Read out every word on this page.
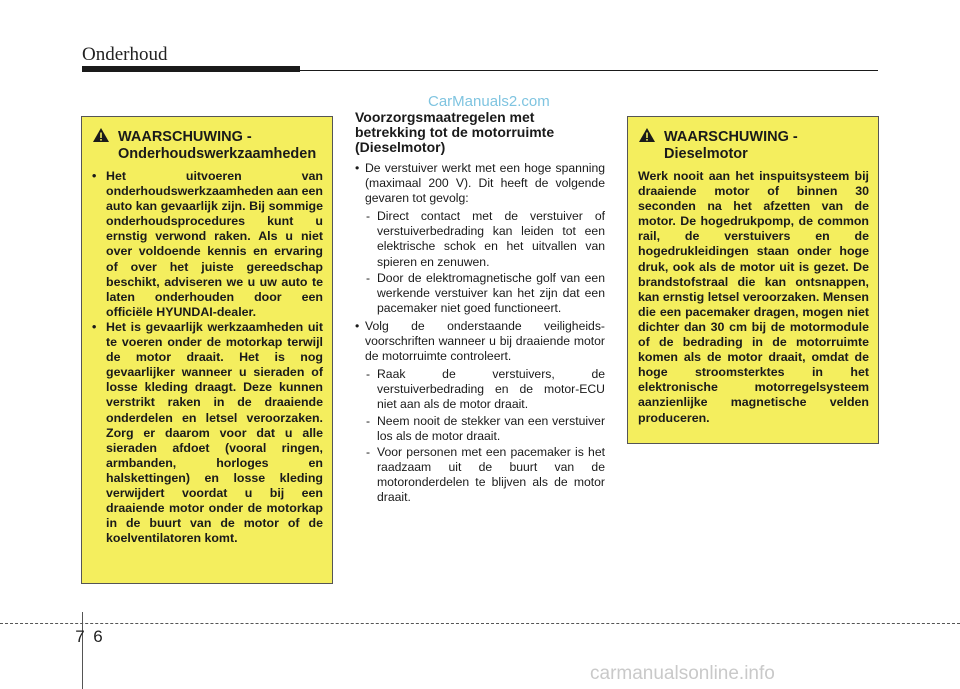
Onderhoud
CarManuals2.com
WAARSCHUWING -
Onderhoudswerkzaamheden
• Het uitvoeren van onderhoudswerkzaamheden aan een auto kan gevaarlijk zijn. Bij sommige onderhoudsprocedures kunt u ernstig verwond raken. Als u niet over voldoende kennis en ervaring of over het juiste gereedschap beschikt, adviseren we u uw auto te laten onderhouden door een officiële HYUNDAI-dealer.
• Het is gevaarlijk werkzaamheden uit te voeren onder de motorkap terwijl de motor draait. Het is nog gevaarlijker wanneer u sieraden of losse kleding draagt. Deze kunnen verstrikt raken in de draaiende onderdelen en letsel veroorzaken. Zorg er daarom voor dat u alle sieraden afdoet (vooral ringen, armbanden, horloges en halskettingen) en losse kleding verwijdert voordat u bij een draaiende motor onder de motorkap in de buurt van de motor of de koelventilatoren komt.
Voorzorgsmaatregelen met betrekking tot de motorruimte (Dieselmotor)
• De verstuiver werkt met een hoge spanning (maximaal 200 V). Dit heeft de volgende gevaren tot gevolg:
- Direct contact met de verstuiver of verstuiverbedrading kan leiden tot een elektrische schok en het uitvallen van spieren en zenuwen.
- Door de elektromagnetische golf van een werkende verstuiver kan het zijn dat een pacemaker niet goed functioneert.
• Volg de onderstaande veiligheids-voorschriften wanneer u bij draaiende motor de motorruimte controleert.
- Raak de verstuivers, de verstuiverbedrading en de motor-ECU niet aan als de motor draait.
- Neem nooit de stekker van een verstuiver los als de motor draait.
- Voor personen met een pacemaker is het raadzaam uit de buurt van de motoronderdelen te blijven als de motor draait.
WAARSCHUWING -
Dieselmotor
Werk nooit aan het inspuitsysteem bij draaiende motor of binnen 30 seconden na het afzetten van de motor. De hogedrukpomp, de common rail, de verstuivers en de hogedrukleidingen staan onder hoge druk, ook als de motor uit is gezet. De brandstofstraal die kan ontsnappen, kan ernstig letsel veroorzaken. Mensen die een pacemaker dragen, mogen niet dichter dan 30 cm bij de motormodule of de bedrading in de motorruimte komen als de motor draait, omdat de hoge stroomsterktes in het elektronische motorregelsysteem aanzienlijke magnetische velden produceren.
7 6
carmanualsonline.info
